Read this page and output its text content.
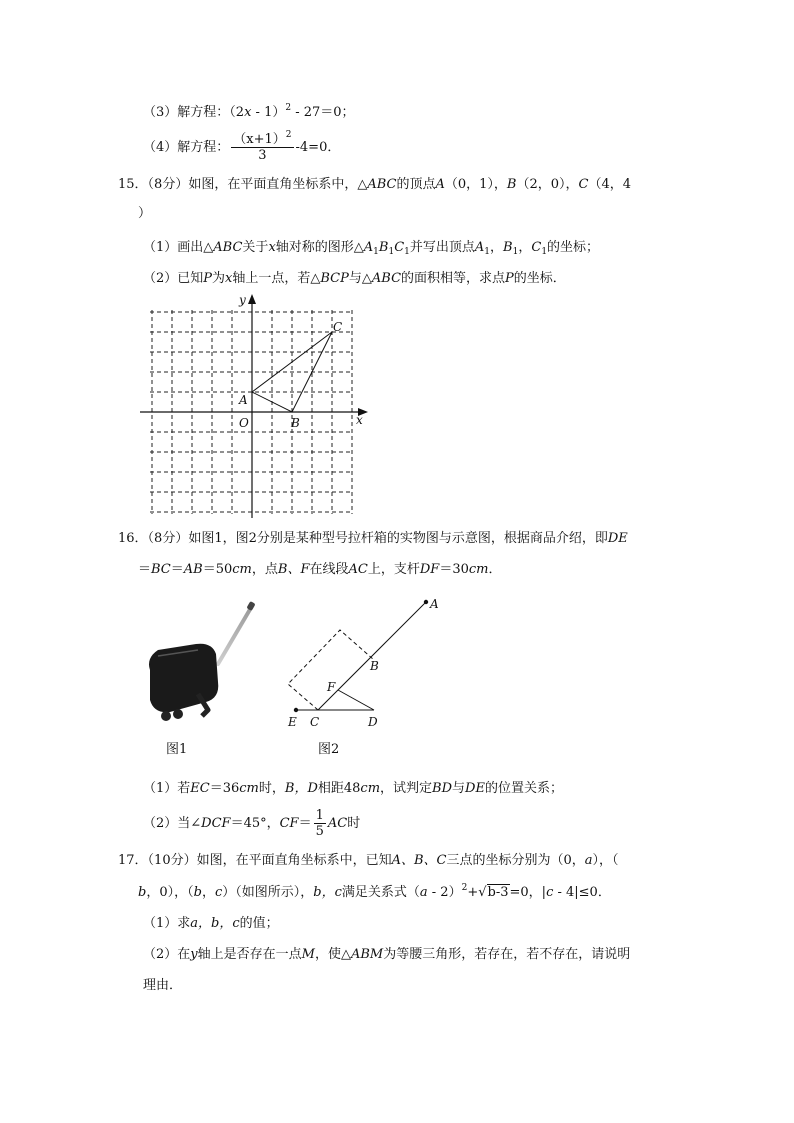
（3）解方程：（2x - 1）$^2$ - 27＝0；
（4）解方程： $\frac{(x+1)^2}{3} -4=0$．
15．（8分）如图，在平面直角坐标系中，△ABC的顶点A（0，1），B（2，0），C（4，4
）
（1）画出△ABC关于x轴对称的图形$\triangle A_1B_1C_1$并写出顶点$A_1$，$B_1$，$C_1$的坐标；
（2）已知P为x轴上一点，若△BCP与△ABC的面积相等，求点P的坐标．
y
x
O
A
B
C
16．（8分）如图1，图2分别是某种型号拉杆箱的实物图与示意图，根据商品介绍，即DE
＝BC＝AB＝50cm，点B、F在线段AC上，支杆DF＝30cm．
图1
A
B
C	D
E
F
图2
（1）若EC＝36cm时，B，D相距48cm，试判定BD与DE的位置关系；
（2）当∠DCF＝45°，$CF= \frac{1}{5}$ AC时
17．（10分）如图，在平面直角坐标系中，已知A、B、C三点的坐标分别为（0，a），（
b，0），（b，c）（如图所示），b，c满足关系式（a - 2）$^2$+√b-3=0，|c - 4|≤0．
（1）求a，b，c的值；
（2）在y轴上是否存在一点M，使△ABM为等腰三角形，若存在，若不存在，请说明
理由．
